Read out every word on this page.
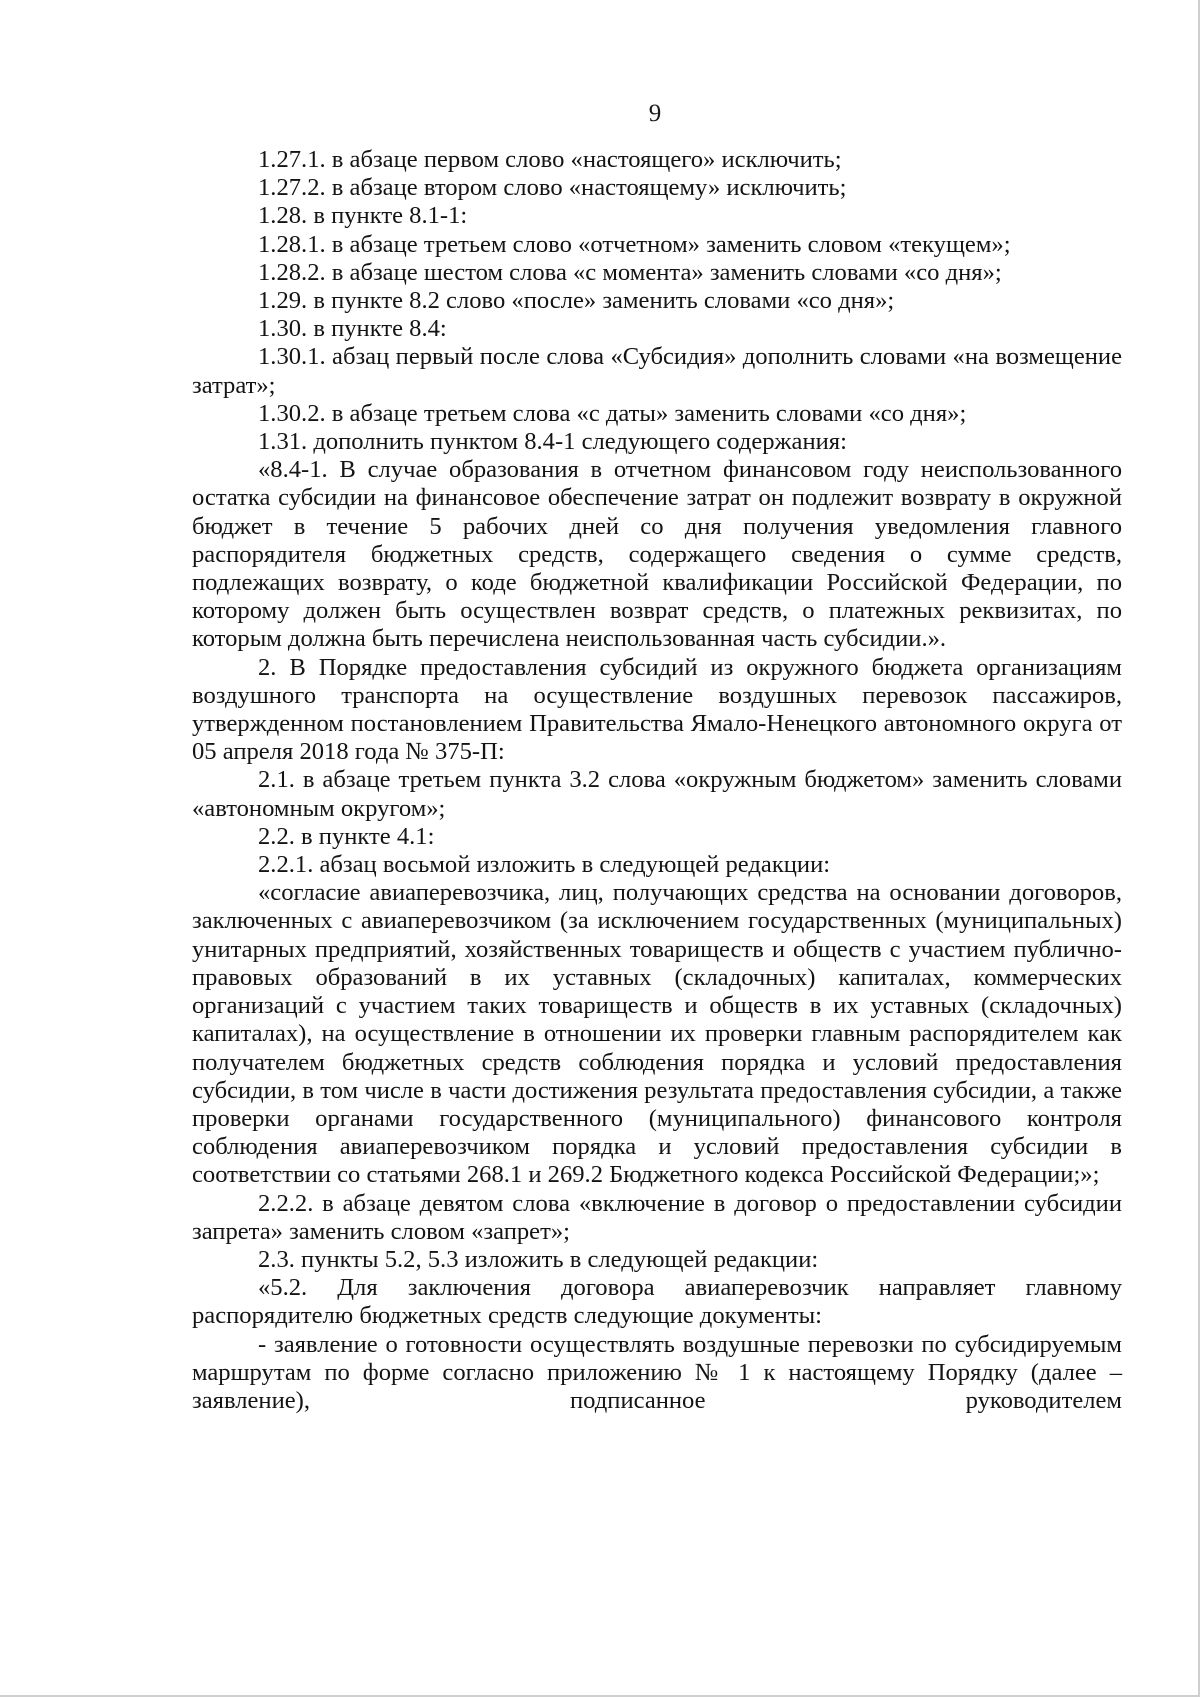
9

1.27.1. в абзаце первом слово «настоящего» исключить;

1.27.2. в абзаце втором слово «настоящему» исключить;

1.28. в пункте 8.1-1:

1.28.1. в абзаце третьем слово «отчетном» заменить словом «текущем»;

1.28.2. в абзаце шестом слова «с момента» заменить словами «со дня»;

1.29. в пункте 8.2 слово «после» заменить словами «со дня»;

1.30. в пункте 8.4:

1.30.1. абзац первый после слова «Субсидия» дополнить словами «на возмещение затрат»;

1.30.2. в абзаце третьем слова «с даты» заменить словами «со дня»;

1.31. дополнить пунктом 8.4-1 следующего содержания:

«8.4-1. В случае образования в отчетном финансовом году неиспользованного остатка субсидии на финансовое обеспечение затрат он подлежит возврату в окружной бюджет в течение 5 рабочих дней со дня получения уведомления главного распорядителя бюджетных средств, содержащего сведения о сумме средств, подлежащих возврату, о коде бюджетной квалификации Российской Федерации, по которому должен быть осуществлен возврат средств, о платежных реквизитах, по которым должна быть перечислена неиспользованная часть субсидии.».

2. В Порядке предоставления субсидий из окружного бюджета организациям воздушного транспорта на осуществление воздушных перевозок пассажиров, утвержденном постановлением Правительства Ямало-Ненецкого автономного округа от 05 апреля 2018 года № 375-П:

2.1. в абзаце третьем пункта 3.2 слова «окружным бюджетом» заменить словами «автономным округом»;

2.2. в пункте 4.1:

2.2.1. абзац восьмой изложить в следующей редакции:

«согласие авиаперевозчика, лиц, получающих средства на основании договоров, заключенных с авиаперевозчиком (за исключением государственных (муниципальных) унитарных предприятий, хозяйственных товариществ и обществ с участием публично-правовых образований в их уставных (складочных) капиталах, коммерческих организаций с участием таких товариществ и обществ в их уставных (складочных) капиталах), на осуществление в отношении их проверки главным распорядителем как получателем бюджетных средств соблюдения порядка и условий предоставления субсидии, в том числе в части достижения результата предоставления субсидии, а также проверки органами государственного (муниципального) финансового контроля соблюдения авиаперевозчиком порядка и условий предоставления субсидии в соответствии со статьями 268.1 и 269.2 Бюджетного кодекса Российской Федерации;»;

2.2.2. в абзаце девятом слова «включение в договор о предоставлении субсидии запрета» заменить словом «запрет»;

2.3. пункты 5.2, 5.3 изложить в следующей редакции:

«5.2. Для заключения договора авиаперевозчик направляет главному распорядителю бюджетных средств следующие документы:

- заявление о готовности осуществлять воздушные перевозки по субсидируемым маршрутам по форме согласно приложению № 1 к настоящему Порядку (далее – заявление), подписанное руководителем
